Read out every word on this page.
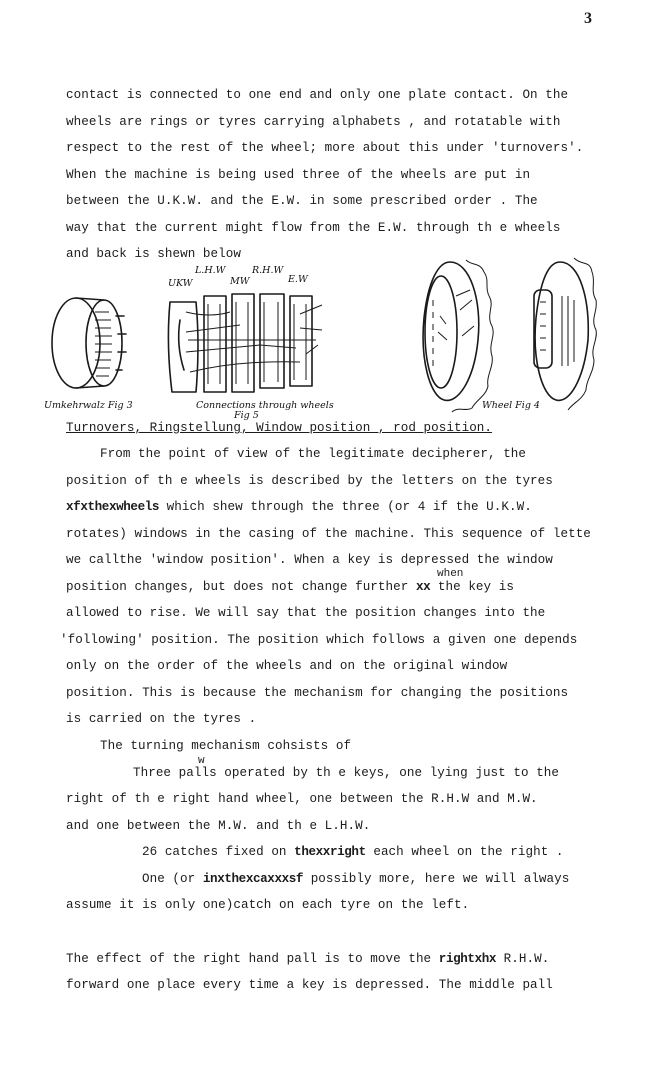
3
contact is connected to one end and only one plate contact. On the
wheels are rings or tyres carrying alphabets , and rotatable with
respect to the rest of the wheel; more about this under 'turnovers'.
When the machine is being used three of the wheels are put in
between the U.K.W. and the E.W. in some prescribed order . The
way that the current might flow from the E.W. through th e wheels
and back is shewn below
L.H.W	R.H.W
UKW	MW	E.W
Umkehrwalz Fig 3	Connections through wheels
Fig 5
Wheel Fig 4
Turnovers, Ringstellung, Window position , rod position.
From the point of view of the legitimate decipherer, the
position of th e wheels is described by the letters on the tyres
xfxthexwheels which shew through the three (or 4 if the U.K.W.
rotates) windows in the casing of the machine. This sequence of lette
we callthe 'window position'. When a key is depressed the window
when
position changes, but does not change further xx the key is
allowed to rise. We will say that the position changes into the
'following' position. The position which follows a given one depends
only on the order of the wheels and on the original window
position. This is because the mechanism for changing the positions
is carried on the tyres .
The turning mechanism cohsists of
w
Three palls operated by th e keys, one lying just to the
right of th e right hand wheel, one between the R.H.W and M.W.
and one between the M.W. and th e L.H.W.
26 catches fixed on thexxright each wheel on the right .
One (or inxthexcaxxxsf possibly more, here we will always
assume it is only one)catch on each tyre on the left.
The effect of the right hand pall is to move the rightxhx R.H.W.
forward one place every time a key is depressed. The middle pall
